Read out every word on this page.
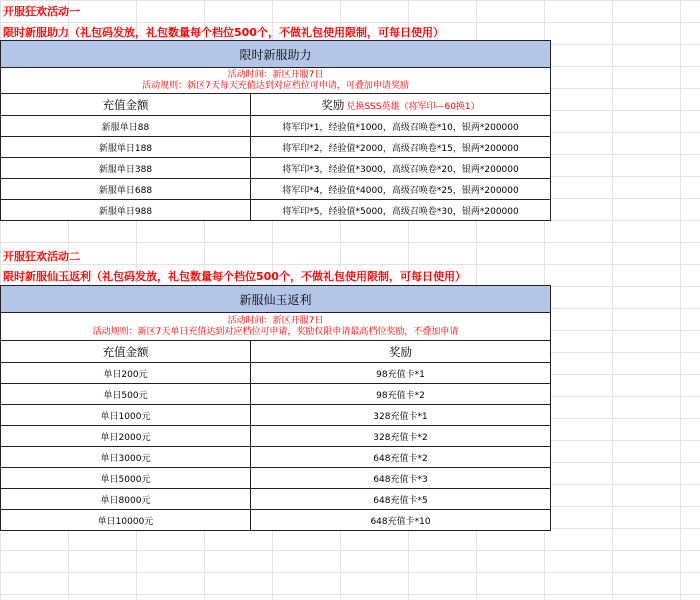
开服狂欢活动一
限时新服助力（礼包码发放，礼包数量每个档位500个，不做礼包使用限制，可每日使用）
限时新服助力	

活动时间：新区开服7日
活动规则：新区7天每天充值达到对应档位可申请，可叠加申请奖励	

充值金额	奖励 兑换SSS英雄（将军印—60换1）
新服单日88	将军印*1，经验值*1000，高级召唤卷*10，银两*200000
新服单日188	将军印*2，经验值*2000，高级召唤卷*15，银两*200000
新服单日388	将军印*3，经验值*3000，高级召唤卷*20，银两*200000
新服单日688	将军印*4，经验值*4000，高级召唤卷*25，银两*200000
新服单日988	将军印*5，经验值*5000，高级召唤卷*30，银两*200000
开服狂欢活动二
限时新服仙玉返利（礼包码发放，礼包数量每个档位500个，不做礼包使用限制，可每日使用）
新服仙玉返利	

活动时间：新区开服7日
活动规则：新区7天单日充值达到对应档位可申请，奖励仅限申请最高档位奖励，不叠加申请	

充值金额	奖励
单日200元	98充值卡*1
单日500元	98充值卡*2
单日1000元	328充值卡*1
单日2000元	328充值卡*2
单日3000元	648充值卡*2
单日5000元	648充值卡*3
单日8000元	648充值卡*5
单日10000元	648充值卡*10
